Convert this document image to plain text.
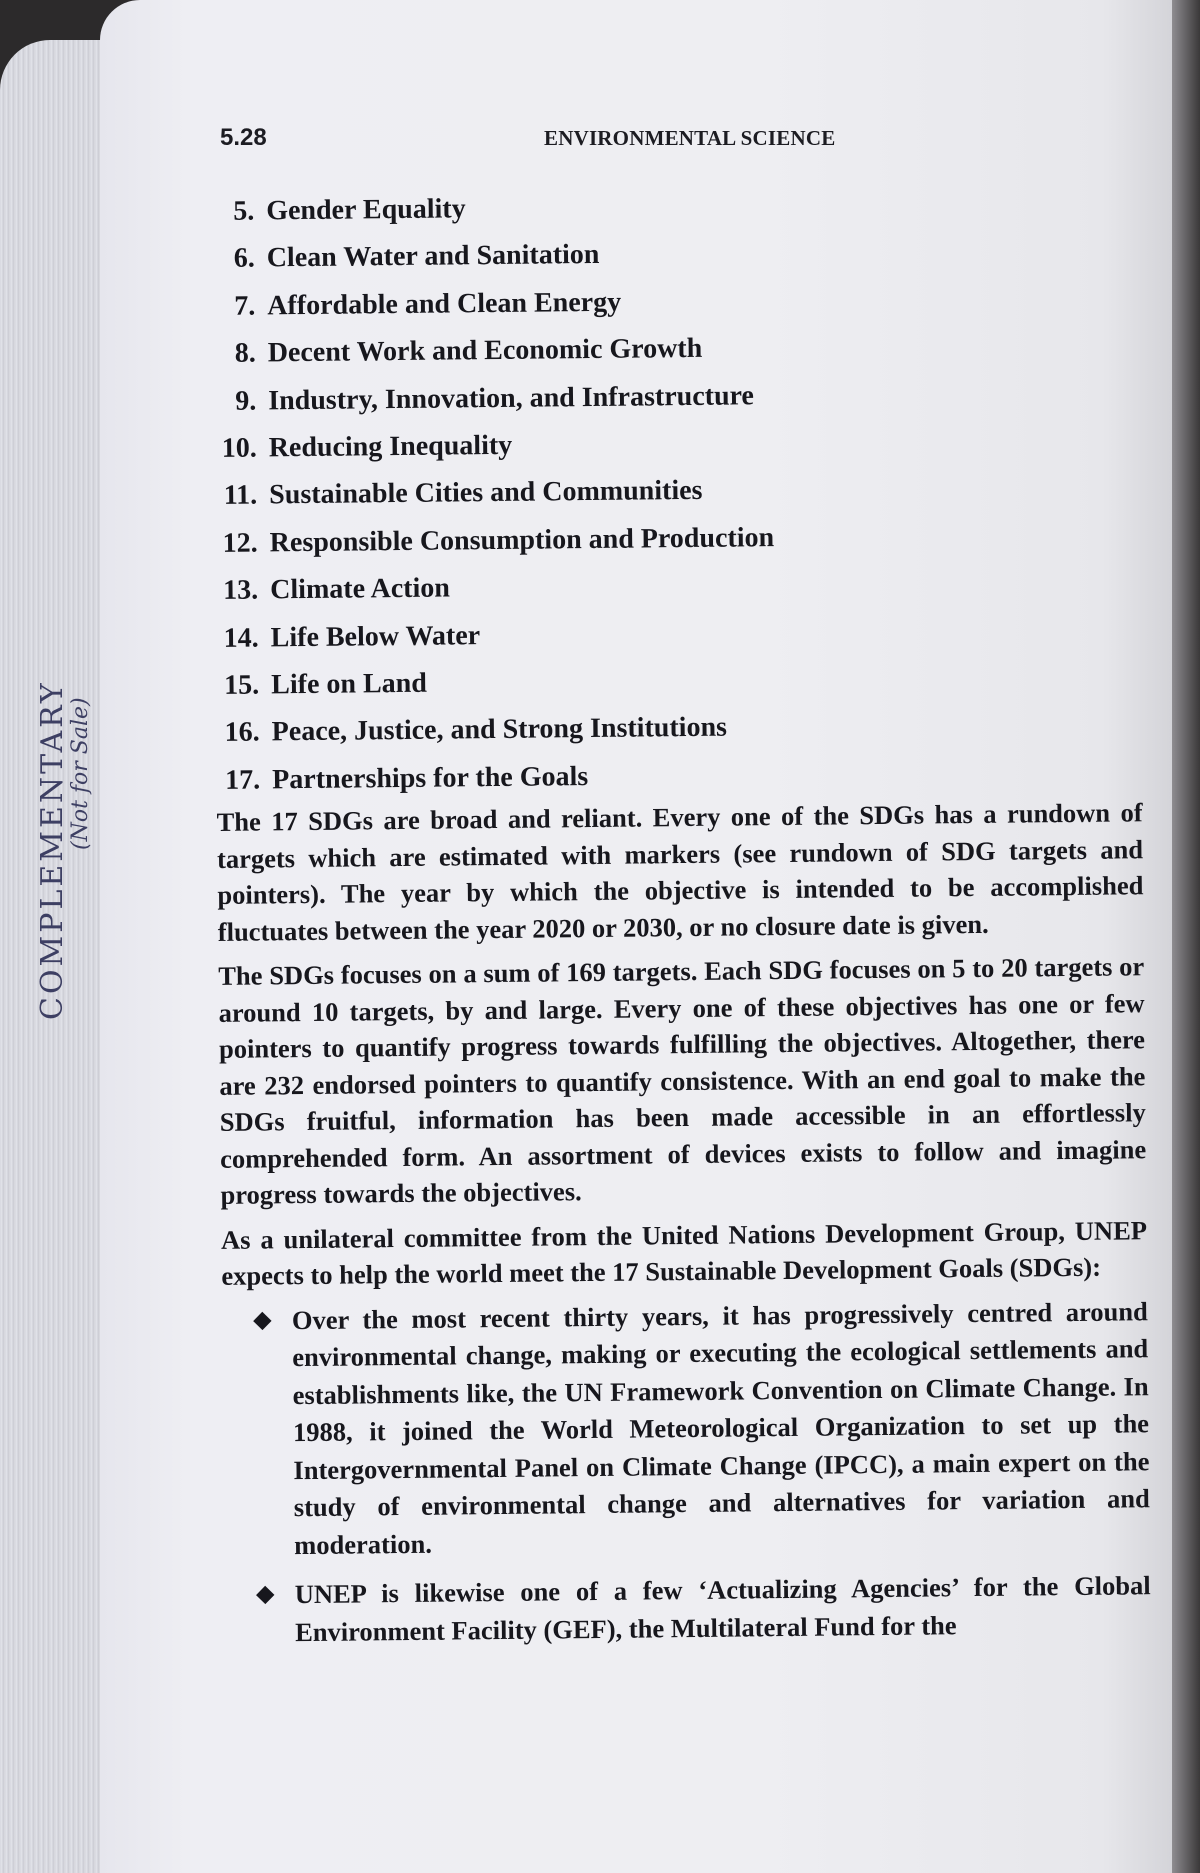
COMPLEMENTARY
(Not for Sale)
5.28	ENVIRONMENTAL SCIENCE
5. Gender Equality
6. Clean Water and Sanitation
7. Affordable and Clean Energy
8. Decent Work and Economic Growth
9. Industry, Innovation, and Infrastructure
10. Reducing Inequality
11. Sustainable Cities and Communities
12. Responsible Consumption and Production
13. Climate Action
14. Life Below Water
15. Life on Land
16. Peace, Justice, and Strong Institutions
17. Partnerships for the Goals

The 17 SDGs are broad and reliant. Every one of the SDGs has a rundown of targets which are estimated with markers (see rundown of SDG targets and pointers). The year by which the objective is intended to be accomplished fluctuates between the year 2020 or 2030, or no closure date is given.

The SDGs focuses on a sum of 169 targets. Each SDG focuses on 5 to 20 targets or around 10 targets, by and large. Every one of these objectives has one or few pointers to quantify progress towards fulfilling the objectives. Altogether, there are 232 endorsed pointers to quantify consistence. With an end goal to make the SDGs fruitful, information has been made accessible in an effortlessly comprehended form. An assortment of devices exists to follow and imagine progress towards the objectives.

As a unilateral committee from the United Nations Development Group, UNEP expects to help the world meet the 17 Sustainable Development Goals (SDGs):

Over the most recent thirty years, it has progressively centred around environmental change, making or executing the ecological settlements and establishments like, the UN Framework Convention on Climate Change. In 1988, it joined the World Meteorological Organization to set up the Intergovernmental Panel on Climate Change (IPCC), a main expert on the study of environmental change and alternatives for variation and moderation.
UNEP is likewise one of a few ‘Actualizing Agencies’ for the Global Environment Facility (GEF), the Multilateral Fund for the
